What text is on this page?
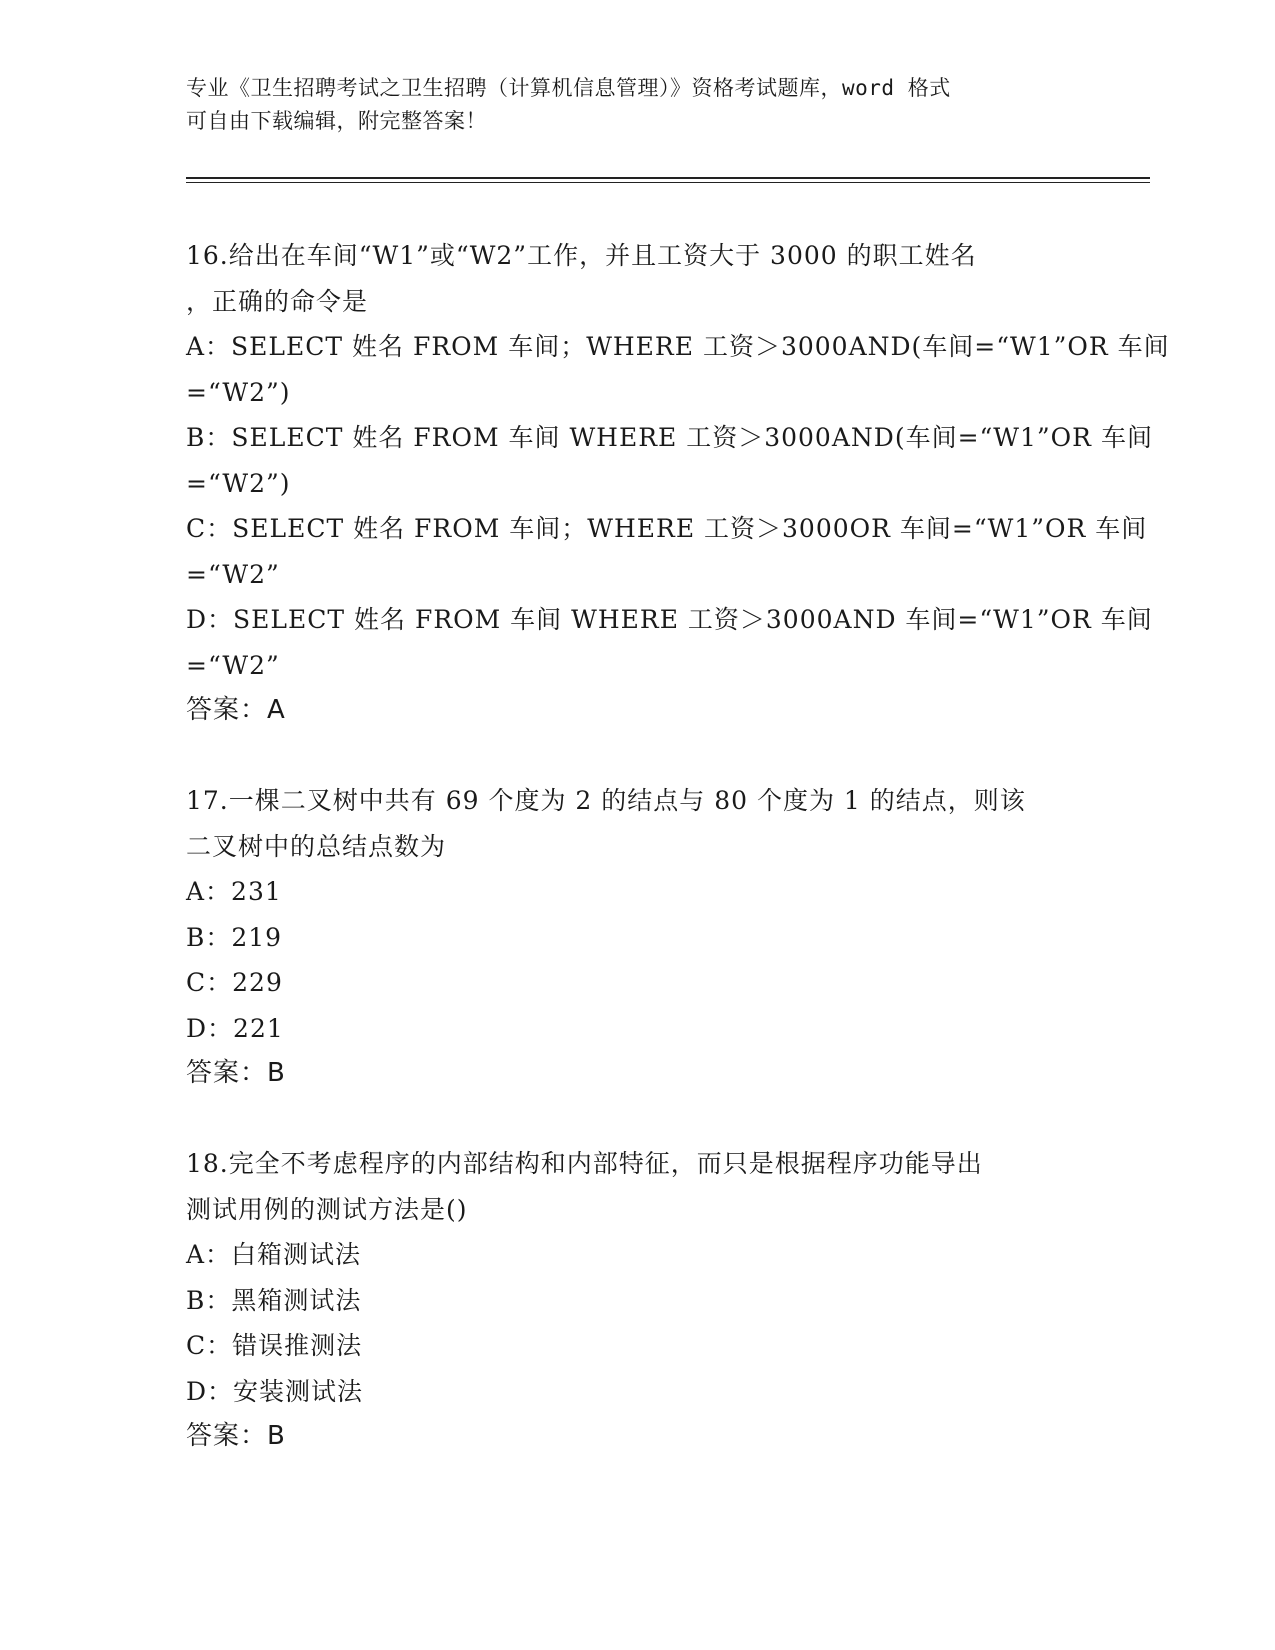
专业《卫生招聘考试之卫生招聘（计算机信息管理）》资格考试题库，word 格式
可自由下载编辑，附完整答案！
16.给出在车间“W1”或“W2”工作，并且工资大于 3000 的职工姓名
，正确的命令是
A：SELECT 姓名 FROM 车间；WHERE 工资＞3000AND(车间=“W1”OR 车间
=“W2”)
B：SELECT 姓名 FROM 车间 WHERE 工资＞3000AND(车间=“W1”OR 车间
=“W2”)
C：SELECT 姓名 FROM 车间；WHERE 工资＞3000OR 车间=“W1”OR 车间
=“W2”
D：SELECT 姓名 FROM 车间 WHERE 工资＞3000AND 车间=“W1”OR 车间
=“W2”
答案：A
17.一棵二叉树中共有 69 个度为 2 的结点与 80 个度为 1 的结点，则该
二叉树中的总结点数为
A：231
B：219
C：229
D：221
答案：B
18.完全不考虑程序的内部结构和内部特征，而只是根据程序功能导出
测试用例的测试方法是()
A：白箱测试法
B：黑箱测试法
C：错误推测法
D：安装测试法
答案：B
